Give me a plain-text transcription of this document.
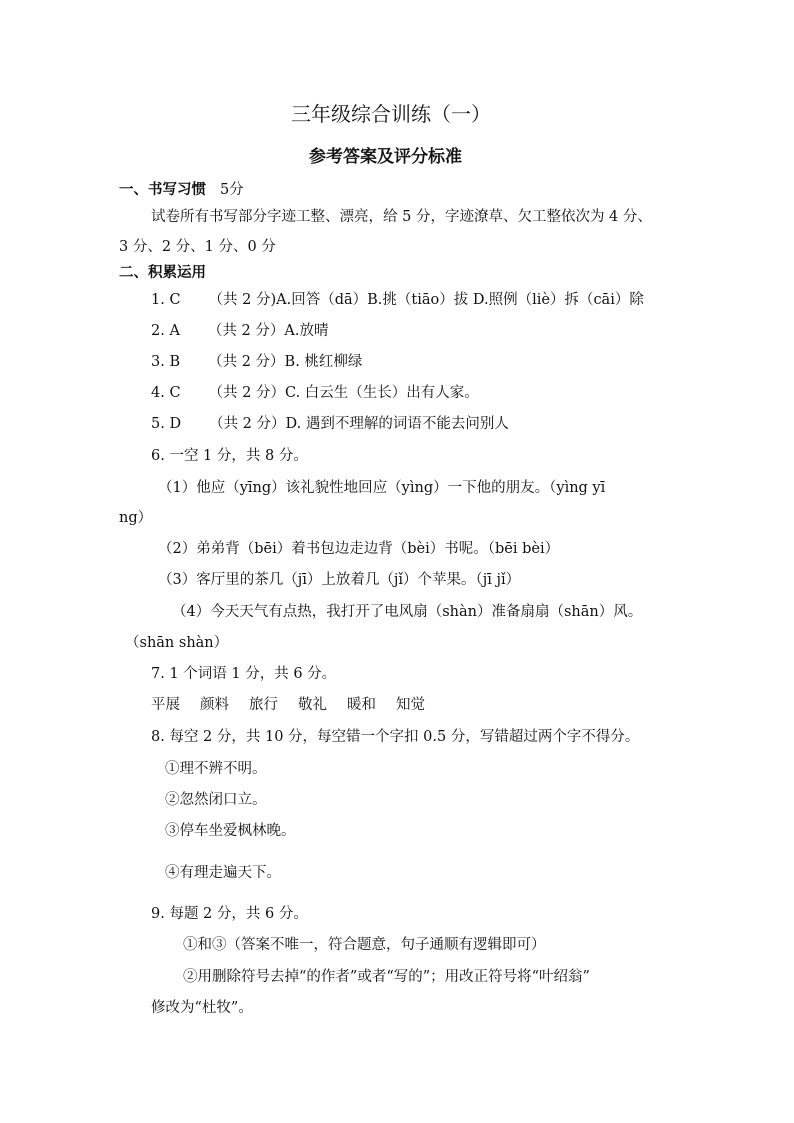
三年级综合训练（一）
参考答案及评分标准
一、书写习惯 5分
试卷所有书写部分字迹工整、漂亮，给 5 分，字迹潦草、欠工整依次为 4 分、
3 分、2 分、1 分、0 分
二、积累运用
1. C （共 2 分)A.回答（dā）B.挑（tiāo）拔 D.照例（liè）拆（cāi）除
2. A （共 2 分）A.放晴
3. B （共 2 分）B. 桃红柳绿
4. C （共 2 分）C. 白云生（生长）出有人家。
5. D （共 2 分）D. 遇到不理解的词语不能去问别人
6. 一空 1 分，共 8 分。
（1）他应（yīng）该礼貌性地回应（yìng）一下他的朋友。（yìng yī
ng）
（2）弟弟背（bēi）着书包边走边背（bèi）书呢。（bēi bèi）
（3）客厅里的茶几（jī）上放着几（jǐ）个苹果。（jī jǐ）
（4）今天天气有点热，我打开了电风扇（shàn）准备扇扇（shān）风。
（shān shàn）
7. 1 个词语 1 分，共 6 分。
平展 颜料 旅行 敬礼 暖和 知觉
8. 每空 2 分，共 10 分，每空错一个字扣 0.5 分，写错超过两个字不得分。
①理不辨不明。
②忽然闭口立。
③停车坐爱枫林晚。
④有理走遍天下。
9. 每题 2 分，共 6 分。
①和③（答案不唯一，符合题意，句子通顺有逻辑即可）
②用删除符号去掉“的作者”或者“写的”；用改正符号将“叶绍翁”
修改为“杜牧”。
